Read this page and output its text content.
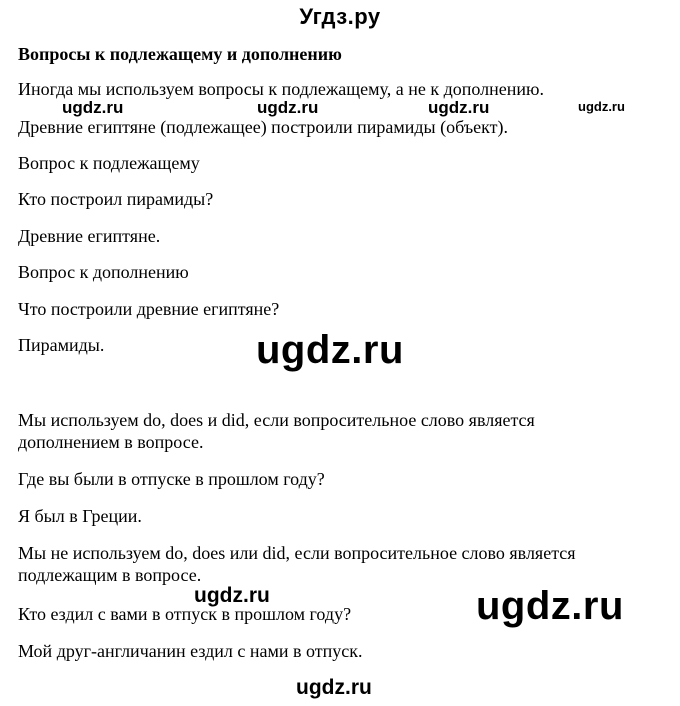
Угдз.ру
Вопросы к подлежащему и дополнению
Иногда мы используем вопросы к подлежащему, а не к дополнению.
Древние египтяне (подлежащее) построили пирамиды (объект).
Вопрос к подлежащему
Кто построил пирамиды?
Древние египтяне.
Вопрос к дополнению
Что построили древние египтяне?
Пирамиды.
Мы используем do, does и did, если вопросительное слово является
дополнением в вопросе.
Где вы были в отпуске в прошлом году?
Я был в Греции.
Мы не используем do, does или did, если вопросительное слово является
подлежащим в вопросе.
Кто ездил с вами в отпуск в прошлом году?
Мой друг-англичанин ездил с нами в отпуск.
ugdz.ru	ugdz.ru	ugdz.ru	ugdz.ru
ugdz.ru
ugdz.ru	ugdz.ru
ugdz.ru
